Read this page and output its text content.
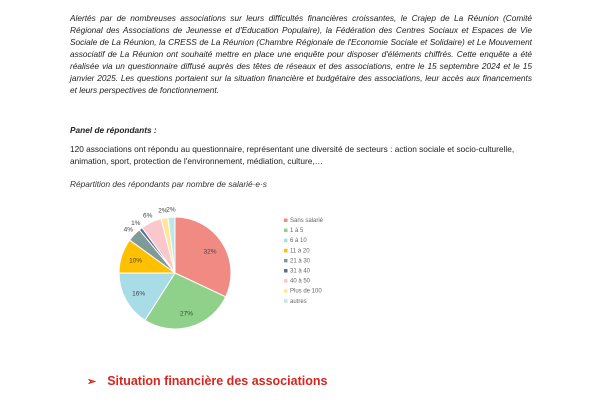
Alertés par de nombreuses associations sur leurs difficultés financières croissantes, le Crajep de La Réunion (Comité Régional des Associations de Jeunesse et d'Education Populaire), la Fédération des Centres Sociaux et Espaces de Vie Sociale de La Réunion, la CRESS de La Réunion (Chambre Régionale de l'Economie Sociale et Solidaire) et Le Mouvement associatif de La Réunion ont souhaité mettre en place une enquête pour disposer d'éléments chiffrés. Cette enquête a été réalisée via un questionnaire diffusé auprès des têtes de réseaux et des associations, entre le 15 septembre 2024 et le 15 janvier 2025. Les questions portaient sur la situation financière et budgétaire des associations, leur accès aux financements et leurs perspectives de fonctionnement.

Panel de répondants :

120 associations ont répondu au questionnaire, représentant une diversité de secteurs : action sociale et socio-culturelle, animation, sport, protection de l'environnement, médiation, culture,…

Répartition des répondants par nombre de salarié·e·s

32%
27%
16%
10%
4%
1%
6%
2%
2%
Sans salarié
1 à 5
6 à 10
11 à 20
21 à 30
31 à 40
40 à 50
Plus de 100
autres
➢ Situation financière des associations
